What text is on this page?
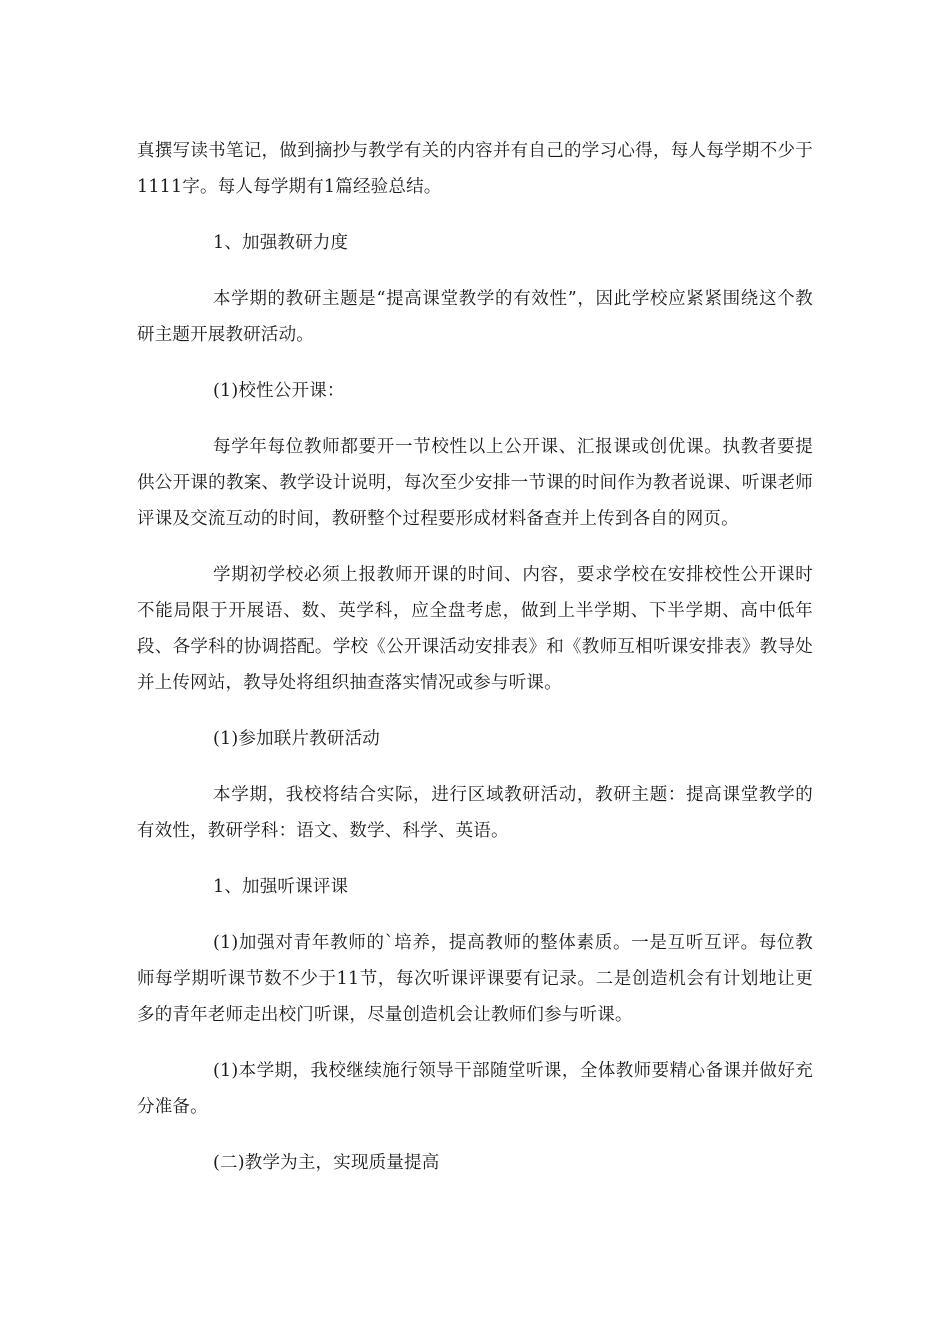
真撰写读书笔记，做到摘抄与教学有关的内容并有自己的学习心得，每人每学期不少于1111字。每人每学期有1篇经验总结。

1、加强教研力度

本学期的教研主题是“提高课堂教学的有效性”，因此学校应紧紧围绕这个教研主题开展教研活动。

(1)校性公开课：

每学年每位教师都要开一节校性以上公开课、汇报课或创优课。执教者要提供公开课的教案、教学设计说明，每次至少安排一节课的时间作为教者说课、听课老师评课及交流互动的时间，教研整个过程要形成材料备查并上传到各自的网页。

学期初学校必须上报教师开课的时间、内容，要求学校在安排校性公开课时不能局限于开展语、数、英学科，应全盘考虑，做到上半学期、下半学期、高中低年段、各学科的协调搭配。学校《公开课活动安排表》和《教师互相听课安排表》教导处并上传网站，教导处将组织抽查落实情况或参与听课。

(1)参加联片教研活动

本学期，我校将结合实际，进行区域教研活动，教研主题：提高课堂教学的有效性，教研学科：语文、数学、科学、英语。

1、加强听课评课

(1)加强对青年教师的`培养，提高教师的整体素质。一是互听互评。每位教师每学期听课节数不少于11节，每次听课评课要有记录。二是创造机会有计划地让更多的青年老师走出校门听课，尽量创造机会让教师们参与听课。

(1)本学期，我校继续施行领导干部随堂听课，全体教师要精心备课并做好充分准备。

(二)教学为主，实现质量提高
